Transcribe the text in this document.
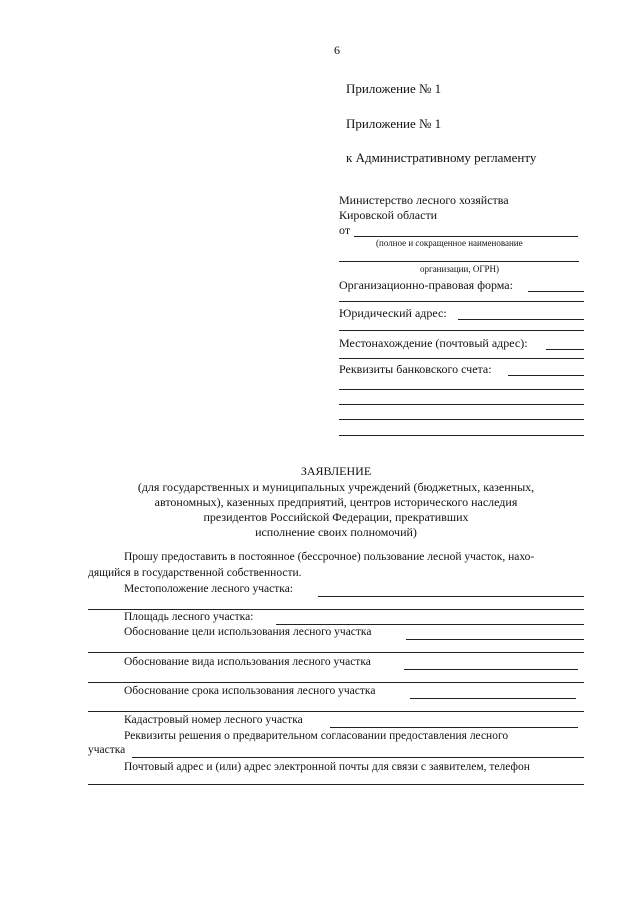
6
Приложение № 1
Приложение № 1
к Административному регламенту
Министерство лесного хозяйства
Кировской области
от
(полное и сокращенное наименование
организации, ОГРН)
Организационно-правовая форма:
Юридический адрес:
Местонахождение (почтовый адрес):
Реквизиты банковского счета:
ЗАЯВЛЕНИЕ
(для государственных и муниципальных учреждений (бюджетных, казенных,
автономных), казенных предприятий, центров исторического наследия
президентов Российской Федерации, прекративших
исполнение своих полномочий)
Прошу предоставить в постоянное (бессрочное) пользование лесной участок, нахо-
дящийся в государственной собственности.
Местоположение лесного участка:
Площадь лесного участка:
Обоснование цели использования лесного участка
Обоснование вида использования лесного участка
Обоснование срока использования лесного участка
Кадастровый номер лесного участка
Реквизиты решения о предварительном согласовании предоставления лесного
участка
Почтовый адрес и (или) адрес электронной почты для связи с заявителем, телефон
